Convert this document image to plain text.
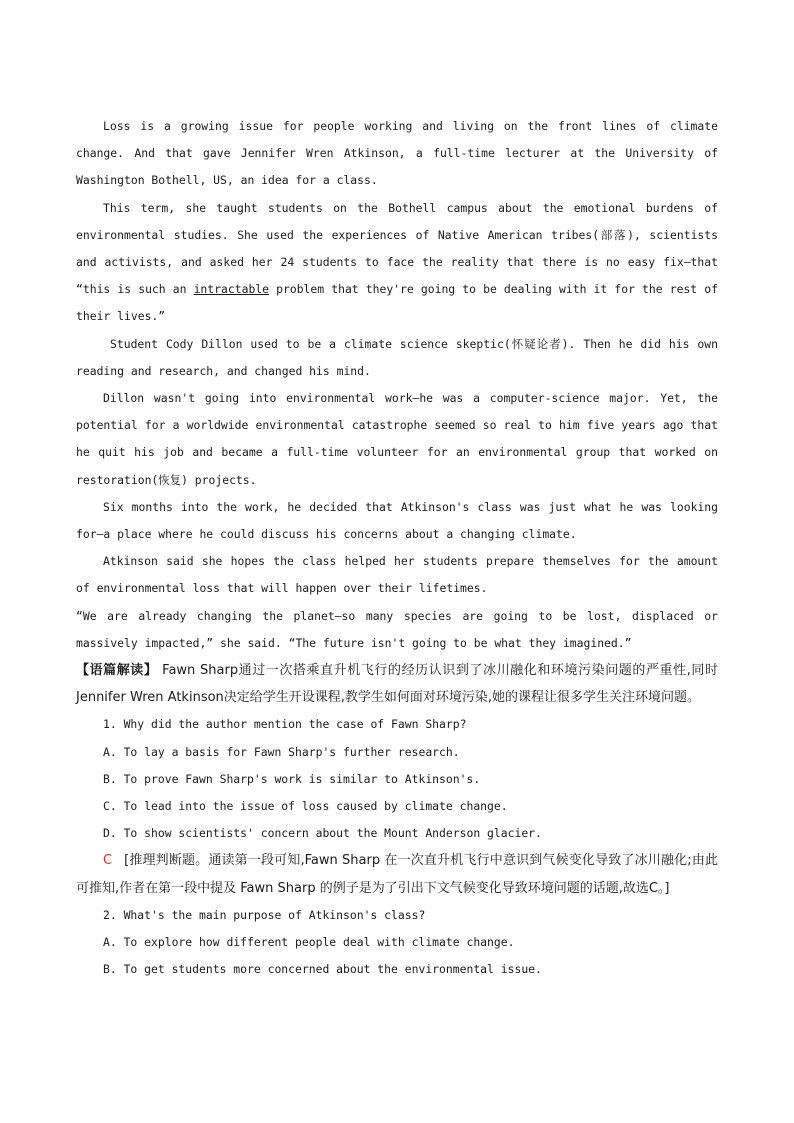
Loss is a growing issue for people working and living on the front lines of climate change. And that gave Jennifer Wren Atkinson, a full-time lecturer at the University of Washington Bothell, US, an idea for a class.

This term, she taught students on the Bothell campus about the emotional burdens of environmental studies. She used the experiences of Native American tribes(部落), scientists and activists, and asked her 24 students to face the reality that there is no easy fix—that “this is such an intractable problem that they're going to be dealing with it for the rest of their lives.”

Student Cody Dillon used to be a climate science skeptic(怀疑论者). Then he did his own reading and research, and changed his mind.

Dillon wasn't going into environmental work—he was a computer-science major. Yet, the potential for a worldwide environmental catastrophe seemed so real to him five years ago that he quit his job and became a full-time volunteer for an environmental group that worked on restoration(恢复) projects.

Six months into the work, he decided that Atkinson's class was just what he was looking for—a place where he could discuss his concerns about a changing climate.

Atkinson said she hopes the class helped her students prepare themselves for the amount of environmental loss that will happen over their lifetimes.

“We are already changing the planet—so many species are going to be lost, displaced or massively impacted,” she said. “The future isn't going to be what they imagined.”

【语篇解读】 Fawn Sharp通过一次搭乘直升机飞行的经历认识到了冰川融化和环境污染问题的严重性,同时 Jennifer Wren Atkinson决定给学生开设课程,教学生如何面对环境污染,她的课程让很多学生关注环境问题。

1. Why did the author mention the case of Fawn Sharp?

A. To lay a basis for Fawn Sharp's further research.

B. To prove Fawn Sharp's work is similar to Atkinson's.

C. To lead into the issue of loss caused by climate change.

D. To show scientists' concern about the Mount Anderson glacier.

C [推理判断题。通读第一段可知,Fawn Sharp 在一次直升机飞行中意识到气候变化导致了冰川融化;由此可推知,作者在第一段中提及 Fawn Sharp 的例子是为了引出下文气候变化导致环境问题的话题,故选C。]

2. What's the main purpose of Atkinson's class?

A. To explore how different people deal with climate change.

B. To get students more concerned about the environmental issue.
